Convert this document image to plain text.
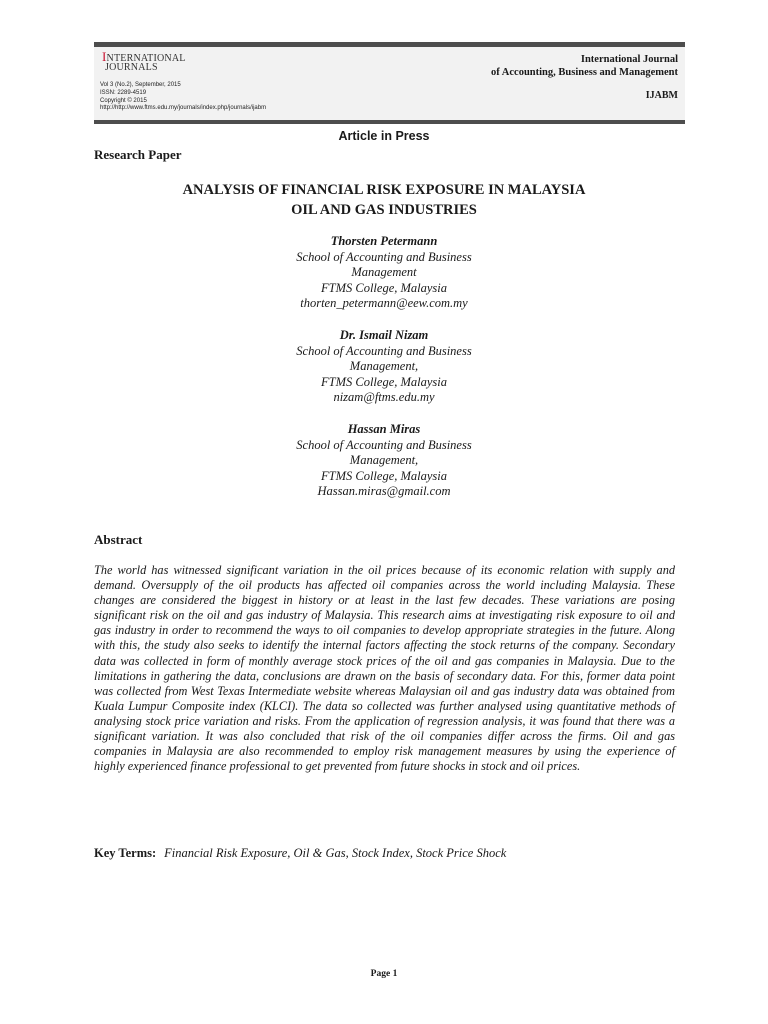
INTERNATIONAL
JOURNALS
Vol 3 (No.2), September, 2015
ISSN: 2289-4519
Copyright © 2015
http://http://www.ftms.edu.my/journals/index.php/journals/ijabm
International Journal
of Accounting, Business and Management
IJABM
Article in Press
Research Paper
ANALYSIS OF FINANCIAL RISK EXPOSURE IN MALAYSIA
OIL AND GAS INDUSTRIES
Thorsten Petermann
School of Accounting and Business
Management
FTMS College, Malaysia
thorten_petermann@eew.com.my
Dr. Ismail Nizam
School of Accounting and Business
Management,
FTMS College, Malaysia
nizam@ftms.edu.my
Hassan Miras
School of Accounting and Business
Management,
FTMS College, Malaysia
Hassan.miras@gmail.com
Abstract
The world has witnessed significant variation in the oil prices because of its economic relation with supply and demand. Oversupply of the oil products has affected oil companies across the world including Malaysia. These changes are considered the biggest in history or at least in the last few decades. These variations are posing significant risk on the oil and gas industry of Malaysia. This research aims at investigating risk exposure to oil and gas industry in order to recommend the ways to oil companies to develop appropriate strategies in the future. Along with this, the study also seeks to identify the internal factors affecting the stock returns of the company. Secondary data was collected in form of monthly average stock prices of the oil and gas companies in Malaysia. Due to the limitations in gathering the data, conclusions are drawn on the basis of secondary data. For this, former data point was collected from West Texas Intermediate website whereas Malaysian oil and gas industry data was obtained from Kuala Lumpur Composite index (KLCI). The data so collected was further analysed using quantitative methods of analysing stock price variation and risks. From the application of regression analysis, it was found that there was a significant variation. It was also concluded that risk of the oil companies differ across the firms. Oil and gas companies in Malaysia are also recommended to employ risk management measures by using the experience of highly experienced finance professional to get prevented from future shocks in stock and oil prices.
Key Terms: Financial Risk Exposure, Oil & Gas, Stock Index, Stock Price Shock
Page 1
